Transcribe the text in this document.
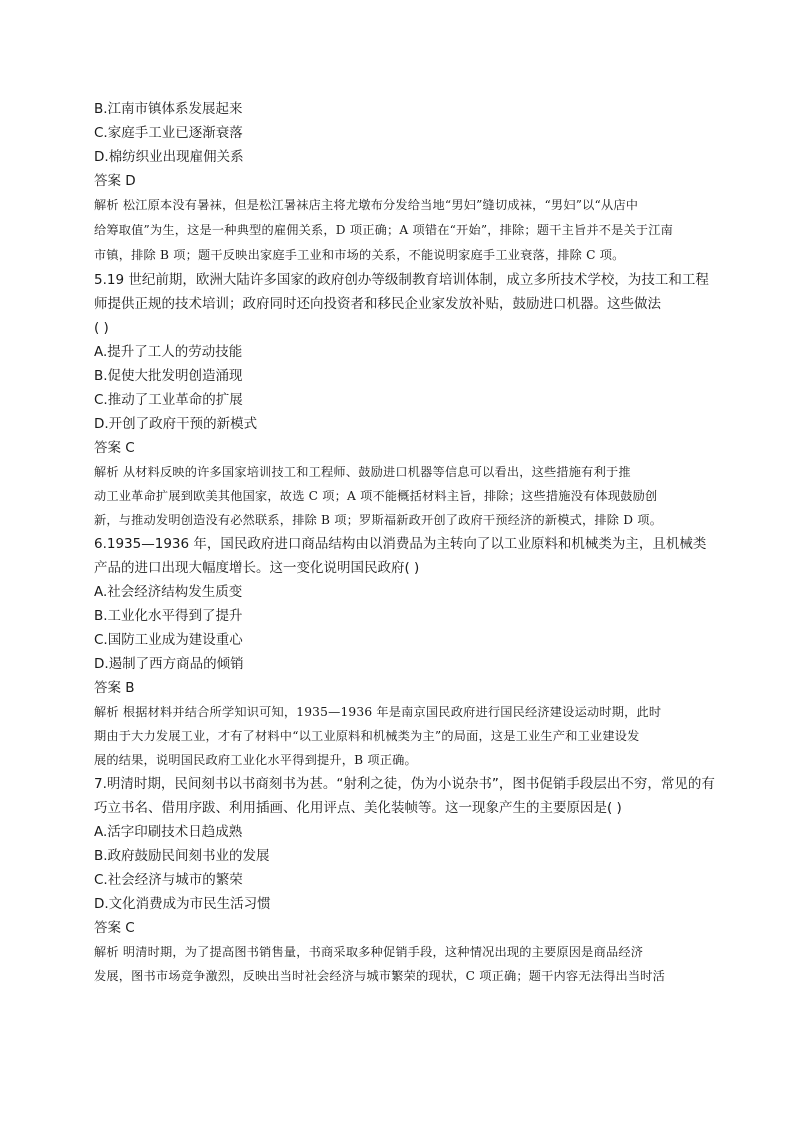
B.江南市镇体系发展起来
C.家庭手工业已逐渐衰落
D.棉纺织业出现雇佣关系
答案 D
解析 松江原本没有暑袜，但是松江暑袜店主将尤墩布分发给当地“男妇”缝切成袜，“男妇”以“从店中
给筹取值”为生，这是一种典型的雇佣关系，D 项正确；A 项错在“开始”，排除；题干主旨并不是关于江南
市镇，排除 B 项；题干反映出家庭手工业和市场的关系，不能说明家庭手工业衰落，排除 C 项。
5.19 世纪前期，欧洲大陆许多国家的政府创办等级制教育培训体制，成立多所技术学校，为技工和工程
师提供正规的技术培训；政府同时还向投资者和移民企业家发放补贴，鼓励进口机器。这些做法
( )
A.提升了工人的劳动技能
B.促使大批发明创造涌现
C.推动了工业革命的扩展
D.开创了政府干预的新模式
答案 C
解析 从材料反映的许多国家培训技工和工程师、鼓励进口机器等信息可以看出，这些措施有利于推
动工业革命扩展到欧美其他国家，故选 C 项；A 项不能概括材料主旨，排除；这些措施没有体现鼓励创
新，与推动发明创造没有必然联系，排除 B 项；罗斯福新政开创了政府干预经济的新模式，排除 D 项。
6.1935—1936 年，国民政府进口商品结构由以消费品为主转向了以工业原料和机械类为主，且机械类
产品的进口出现大幅度增长。这一变化说明国民政府( )
A.社会经济结构发生质变
B.工业化水平得到了提升
C.国防工业成为建设重心
D.遏制了西方商品的倾销
答案 B
解析 根据材料并结合所学知识可知，1935—1936 年是南京国民政府进行国民经济建设运动时期，此时
期由于大力发展工业，才有了材料中“以工业原料和机械类为主”的局面，这是工业生产和工业建设发
展的结果，说明国民政府工业化水平得到提升，B 项正确。
7.明清时期，民间刻书以书商刻书为甚。“射利之徒，伪为小说杂书”，图书促销手段层出不穷，常见的有
巧立书名、借用序跋、利用插画、化用评点、美化装帧等。这一现象产生的主要原因是( )
A.活字印刷技术日趋成熟
B.政府鼓励民间刻书业的发展
C.社会经济与城市的繁荣
D.文化消费成为市民生活习惯
答案 C
解析 明清时期，为了提高图书销售量，书商采取多种促销手段，这种情况出现的主要原因是商品经济
发展，图书市场竞争激烈，反映出当时社会经济与城市繁荣的现状，C 项正确；题干内容无法得出当时活
